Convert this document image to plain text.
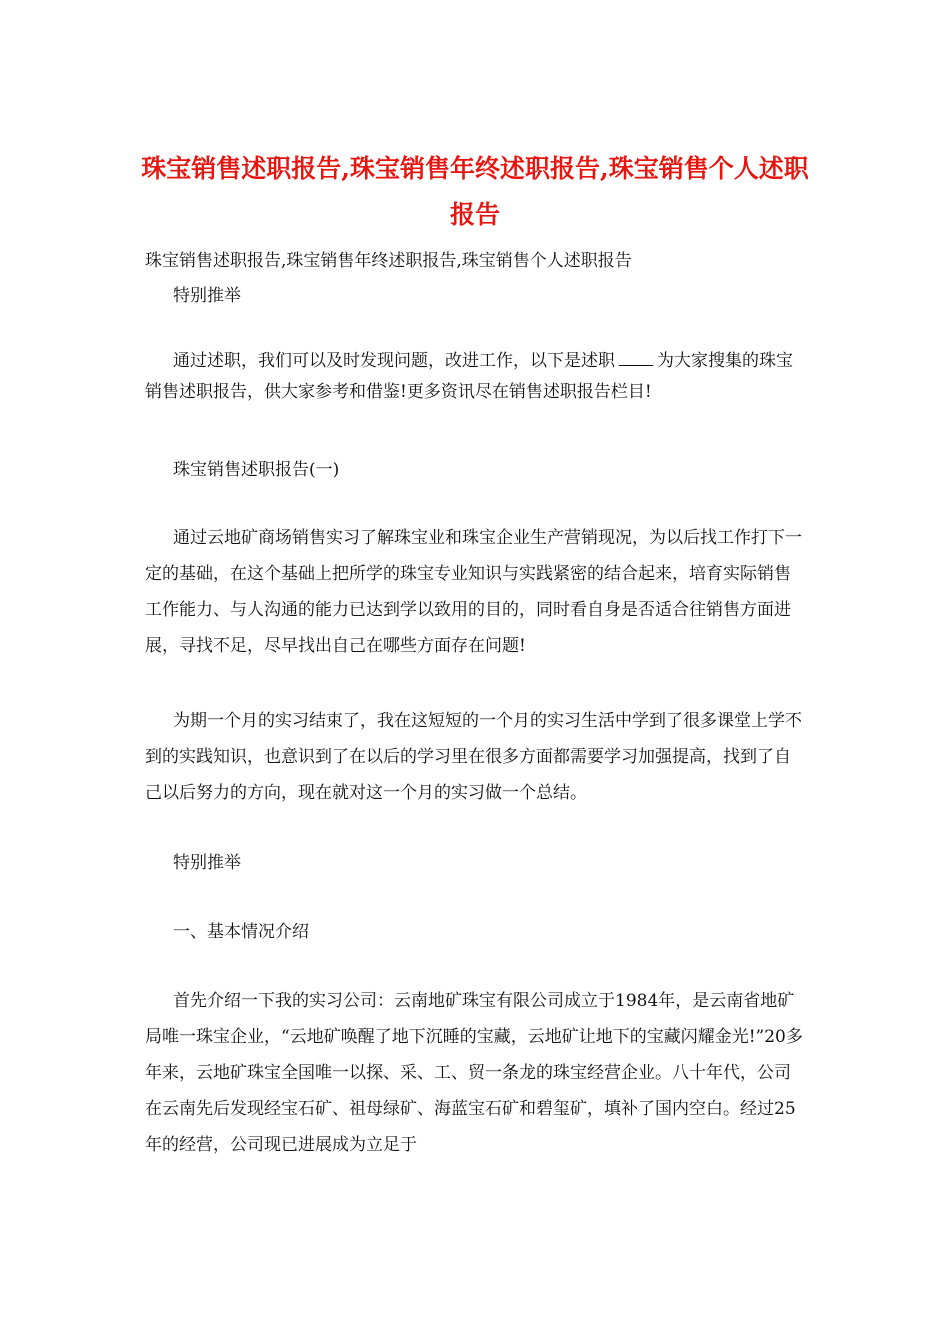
珠宝销售述职报告,珠宝销售年终述职报告,珠宝销售个人述职报告

珠宝销售述职报告,珠宝销售年终述职报告,珠宝销售个人述职报告

特别推举

通过述职，我们可以及时发现问题，改进工作，以下是述职 为大家搜集的珠宝销售述职报告，供大家参考和借鉴!更多资讯尽在销售述职报告栏目!

珠宝销售述职报告(一)

通过云地矿商场销售实习了解珠宝业和珠宝企业生产营销现况，为以后找工作打下一定的基础，在这个基础上把所学的珠宝专业知识与实践紧密的结合起来，培育实际销售工作能力、与人沟通的能力已达到学以致用的目的，同时看自身是否适合往销售方面进展，寻找不足，尽早找出自己在哪些方面存在问题!

为期一个月的实习结束了，我在这短短的一个月的实习生活中学到了很多课堂上学不到的实践知识，也意识到了在以后的学习里在很多方面都需要学习加强提高，找到了自己以后努力的方向，现在就对这一个月的实习做一个总结。

特别推举

一、基本情况介绍

首先介绍一下我的实习公司：云南地矿珠宝有限公司成立于1984年，是云南省地矿局唯一珠宝企业，“云地矿唤醒了地下沉睡的宝藏，云地矿让地下的宝藏闪耀金光!”20多年来，云地矿珠宝全国唯一以探、采、工、贸一条龙的珠宝经营企业。八十年代，公司在云南先后发现经宝石矿、祖母绿矿、海蓝宝石矿和碧玺矿，填补了国内空白。经过25年的经营，公司现已进展成为立足于
